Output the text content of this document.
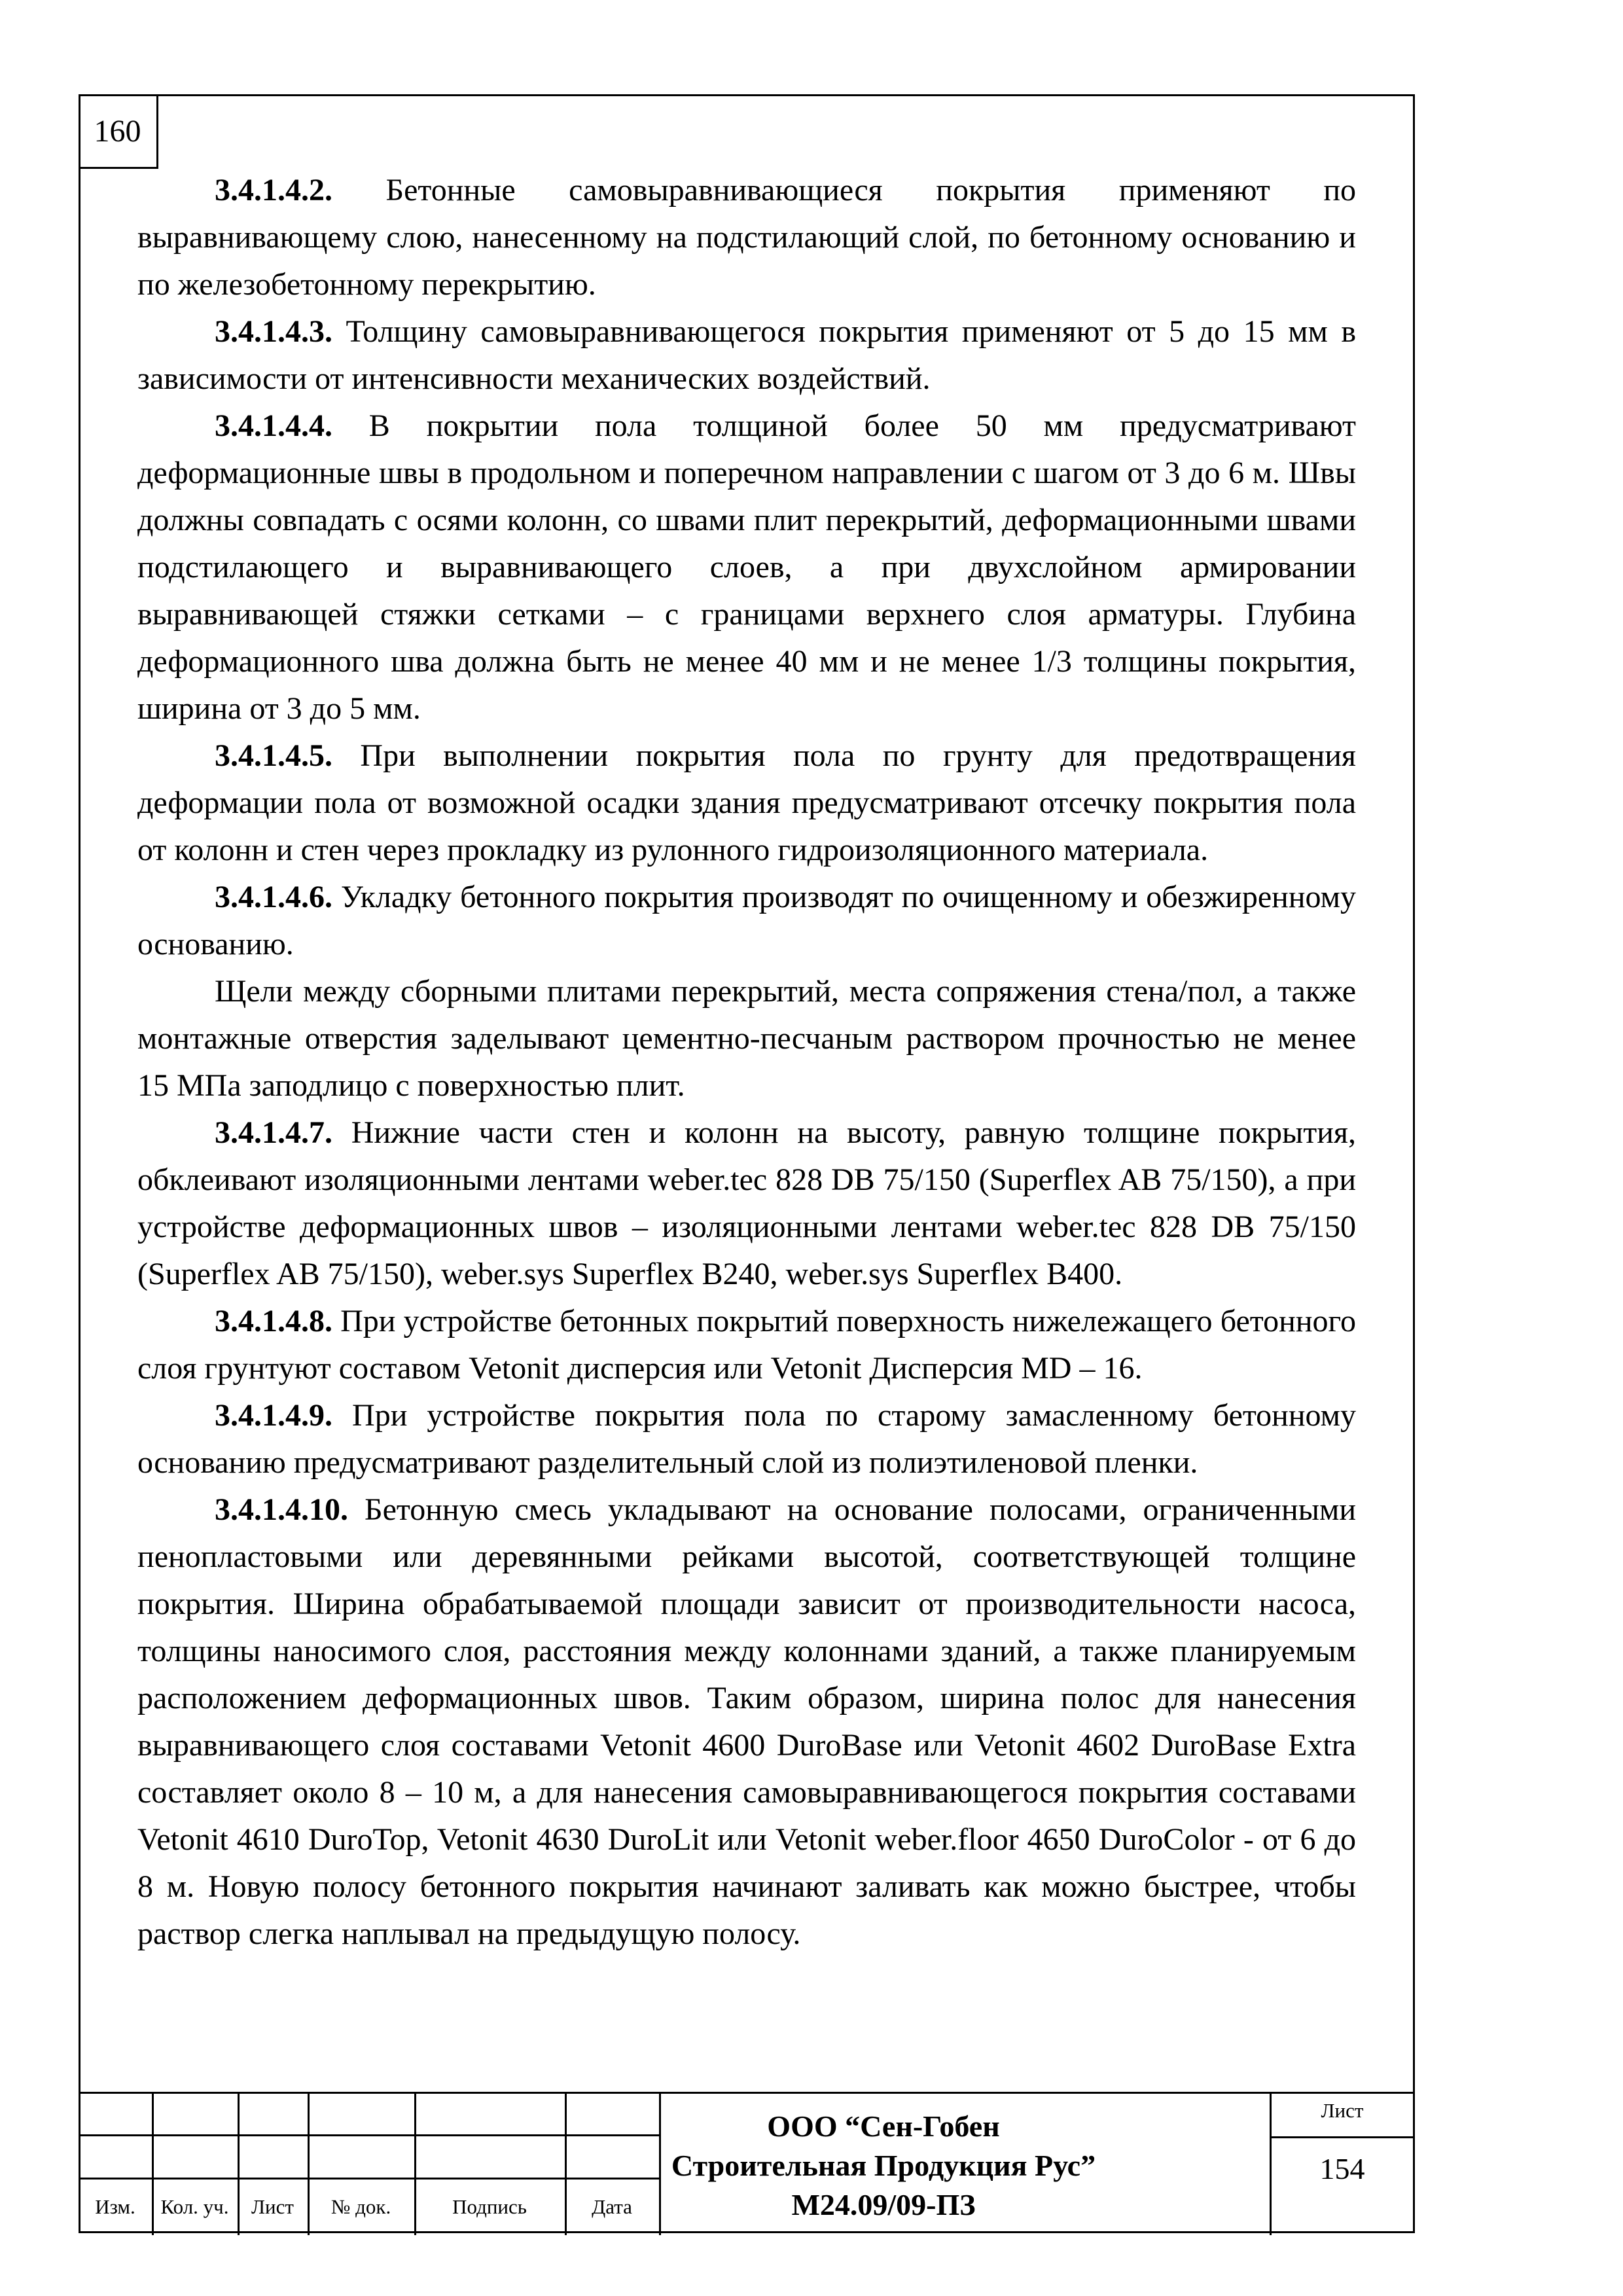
160

3.4.1.4.2. Бетонные самовыравнивающиеся покрытия применяют по выравнивающему слою, нанесенному на подстилающий слой, по бетонному основанию и по железобетонному перекрытию.

3.4.1.4.3. Толщину самовыравнивающегося покрытия применяют от 5 до 15 мм в зависимости от интенсивности механических воздействий.

3.4.1.4.4. В покрытии пола толщиной более 50 мм предусматривают деформационные швы в продольном и поперечном направлении с шагом от 3 до 6 м. Швы должны совпадать с осями колонн, со швами плит перекрытий, деформационными швами подстилающего и выравнивающего слоев, а при двухслойном армировании выравнивающей стяжки сетками – с границами верхнего слоя арматуры. Глубина деформационного шва должна быть не менее 40 мм и не менее 1/3 толщины покрытия, ширина от 3 до 5 мм.

3.4.1.4.5. При выполнении покрытия пола по грунту для предотвращения деформации пола от возможной осадки здания предусматривают отсечку покрытия пола от колонн и стен через прокладку из рулонного гидроизоляционного материала.

3.4.1.4.6. Укладку бетонного покрытия производят по очищенному и обезжиренному основанию.

Щели между сборными плитами перекрытий, места сопряжения стена/пол, а также монтажные отверстия заделывают цементно-песчаным раствором прочностью не менее 15 МПа заподлицо с поверхностью плит.

3.4.1.4.7. Нижние части стен и колонн на высоту, равную толщине покрытия, обклеивают изоляционными лентами weber.tec 828 DB 75/150 (Superflex AB 75/150), а при устройстве деформационных швов – изоляционными лентами weber.tec 828 DB 75/150 (Superflex AB 75/150), weber.sys Superflex B240, weber.sys Superflex B400.

3.4.1.4.8. При устройстве бетонных покрытий поверхность нижележащего бетонного слоя грунтуют составом Vetonit дисперсия или Vetonit Дисперсия MD – 16.

3.4.1.4.9. При устройстве покрытия пола по старому замасленному бетонному основанию предусматривают разделительный слой из полиэтиленовой пленки.

3.4.1.4.10. Бетонную смесь укладывают на основание полосами, ограниченными пенопластовыми или деревянными рейками высотой, соответствующей толщине покрытия. Ширина обрабатываемой площади зависит от производительности насоса, толщины наносимого слоя, расстояния между колоннами зданий, а также планируемым расположением деформационных швов. Таким образом, ширина полос для нанесения выравнивающего слоя составами Vetonit 4600 DuroBase или Vetonit 4602 DuroBase Extra составляет около 8 – 10 м, а для нанесения самовыравнивающегося покрытия составами Vetonit 4610 DuroTop, Vetonit 4630 DuroLit или Vetonit weber.floor 4650 DuroColor - от 6 до 8 м. Новую полосу бетонного покрытия начинают заливать как можно быстрее, чтобы раствор слегка наплывал на предыдущую полосу.

Изм.	Кол. уч.	Лист	№ док.	Подпись	Дата
ООО “Сен-Гобен
Строительная Продукция Рус”
М24.09/09-ПЗ
Лист
154
